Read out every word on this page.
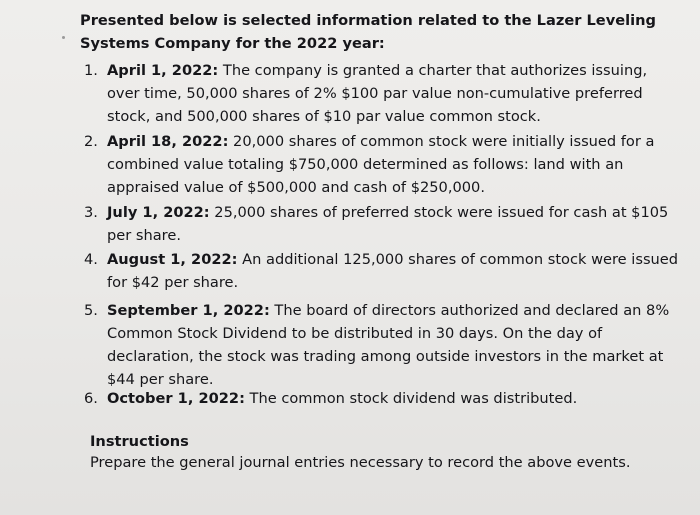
Presented below is selected information related to the Lazer Leveling Systems Company for the 2022 year:

1. April 1, 2022: The company is granted a charter that authorizes issuing, over time, 50,000 shares of 2% $100 par value non-cumulative preferred stock, and 500,000 shares of $10 par value common stock.
2. April 18, 2022: 20,000 shares of common stock were initially issued for a combined value totaling $750,000 determined as follows: land with an appraised value of $500,000 and cash of $250,000.
3. July 1, 2022: 25,000 shares of preferred stock were issued for cash at $105 per share.
4. August 1, 2022: An additional 125,000 shares of common stock were issued for $42 per share.
5. September 1, 2022: The board of directors authorized and declared an 8% Common Stock Dividend to be distributed in 30 days. On the day of declaration, the stock was trading among outside investors in the market at $44 per share.
6. October 1, 2022: The common stock dividend was distributed.
Instructions
Prepare the general journal entries necessary to record the above events.
